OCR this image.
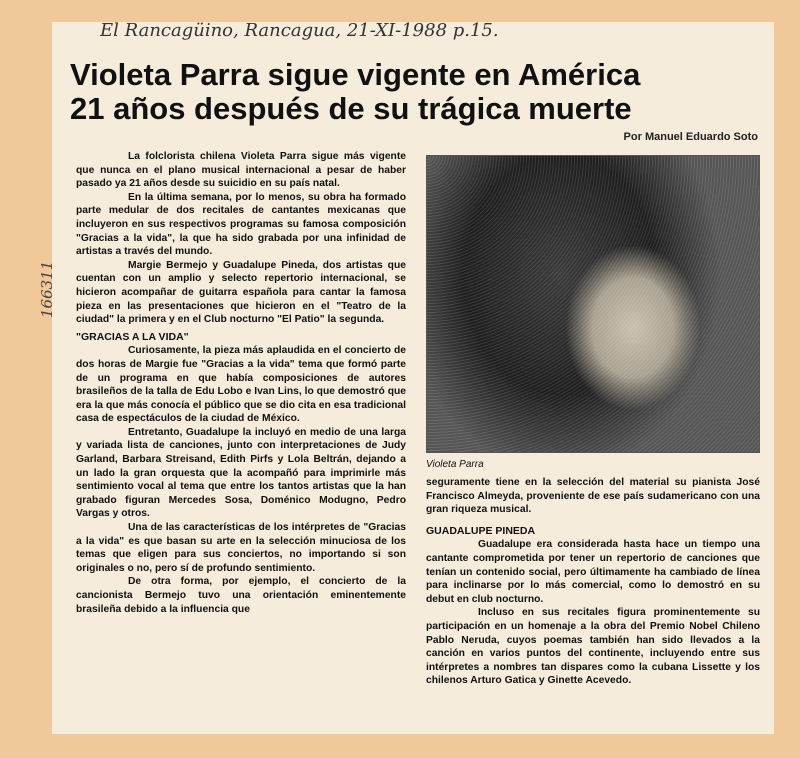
El Rancagüino, Rancagua, 21-XI-1988 p.15.
166311
Violeta Parra sigue vigente en América
21 años después de su trágica muerte
Por Manuel Eduardo Soto

La folclorista chilena Violeta Parra sigue más vigente que nunca en el plano musical internacional a pesar de haber pasado ya 21 años desde su suicidio en su país natal.

En la última semana, por lo menos, su obra ha formado parte medular de dos recitales de cantantes mexicanas que incluyeron en sus respectivos programas su famosa composición "Gracias a la vida", la que ha sido grabada por una infinidad de artistas a través del mundo.

Margie Bermejo y Guadalupe Pineda, dos artistas que cuentan con un amplio y selecto repertorio internacional, se hicieron acompañar de guitarra española para cantar la famosa pieza en las presentaciones que hicieron en el "Teatro de la ciudad" la primera y en el Club nocturno "El Patio" la segunda.

"GRACIAS A LA VIDA"

Curiosamente, la pieza más aplaudida en el concierto de dos horas de Margie fue "Gracias a la vida" tema que formó parte de un programa en que había composiciones de autores brasileños de la talla de Edu Lobo e Ivan Lins, lo que demostró que era la que más conocía el público que se dio cita en esa tradicional casa de espectáculos de la ciudad de México.

Entretanto, Guadalupe la incluyó en medio de una larga y variada lista de canciones, junto con interpretaciones de Judy Garland, Barbara Streisand, Edith Pirfs y Lola Beltrán, dejando a un lado la gran orquesta que la acompañó para imprimirle más sentimiento vocal al tema que entre los tantos artistas que la han grabado figuran Mercedes Sosa, Doménico Modugno, Pedro Vargas y otros.

Una de las características de los intérpretes de "Gracias a la vida" es que basan su arte en la selección minuciosa de los temas que eligen para sus conciertos, no importando si son originales o no, pero sí de profundo sentimiento.

De otra forma, por ejemplo, el concierto de la cancionista Bermejo tuvo una orientación eminentemente brasileña debido a la influencia que

Violeta Parra

seguramente tiene en la selección del material su pianista José Francisco Almeyda, proveniente de ese país sudamericano con una gran riqueza musical.

GUADALUPE PINEDA

Guadalupe era considerada hasta hace un tiempo una cantante comprometida por tener un repertorio de canciones que tenían un contenido social, pero últimamente ha cambiado de línea para inclinarse por lo más comercial, como lo demostró en su debut en club nocturno.

Incluso en sus recitales figura prominentemente su participación en un homenaje a la obra del Premio Nobel Chileno Pablo Neruda, cuyos poemas también han sido llevados a la canción en varios puntos del continente, incluyendo entre sus intérpretes a nombres tan dispares como la cubana Lissette y los chilenos Arturo Gatica y Ginette Acevedo.
